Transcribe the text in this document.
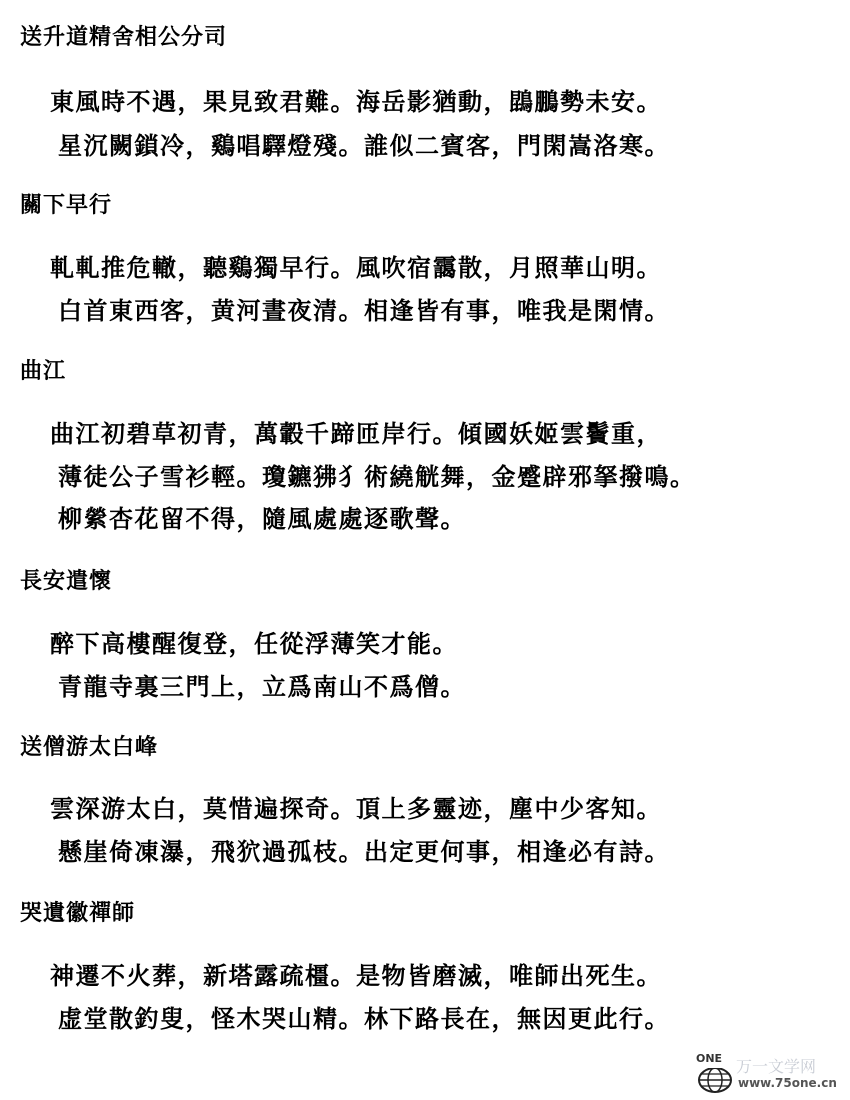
送升道精舍相公分司
東風時不遇，果見致君難。海岳影猶動，鵾鵬勢未安。
星沉闕鎖冷，鷄唱驛燈殘。誰似二賓客，門閑嵩洛寒。
關下早行
軋軋推危轍，聽鷄獨早行。風吹宿靄散，月照華山明。
白首東西客，黄河晝夜清。相逢皆有事，唯我是閑情。
曲江
曲江初碧草初青，萬轂千蹄匝岸行。傾國妖姬雲鬢重，
薄徒公子雪衫輕。瓊鑣狒犭術繞觥舞，金蹙辟邪拏撥鳴。
柳縈杏花留不得，隨風處處逐歌聲。
長安遣懷
醉下高樓醒復登，任從浮薄笑才能。
青龍寺裏三門上，立爲南山不爲僧。
送僧游太白峰
雲深游太白，莫惜遍探奇。頂上多靈迹，塵中少客知。
懸崖倚凍瀑，飛狖過孤枝。出定更何事，相逢必有詩。
哭遺徽禪師
神遷不火葬，新塔露疏橿。是物皆磨滅，唯師出死生。
虚堂散釣叟，怪木哭山精。林下路長在，無因更此行。
ONE 万一文学网
www.75one.cn
